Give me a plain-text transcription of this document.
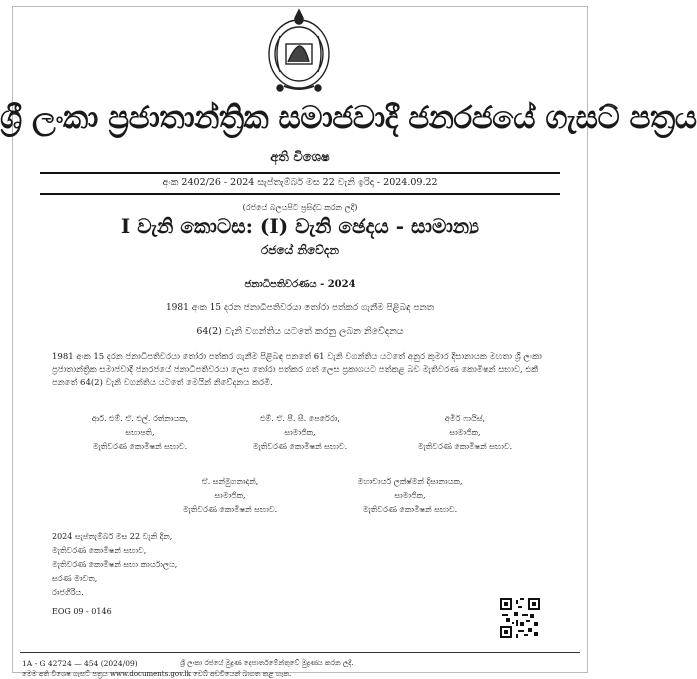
ශ්‍රී ලංකා ප්‍රජාතාන්ත්‍රික සමාජවාදී ජනරජයේ ගැසට් පත්‍රය
අති විශෙෂ
අංක 2402/26 - 2024 සැප්තැම්බර් මස 22 වැනි ඉරිදා - 2024.09.22
(රජයේ බලයපිට ප්‍රසිද්ධ කරන ලදී)
I වැනි කොටස: (I) වැනි ඡෙදය - සාමාන්‍ය
රජයේ නිවේදන
ජනාධිපතිවරණය - 2024
1981 අංක 15 දරන ජනාධිපතිවරයා තෝරා පත්කර ගැනීම පිළිබඳ පනත
64(2) වැනි වගන්තිය යටතේ කරනු ලබන නිවේදනය
1981 අංක 15 දරන ජනාධිපතිවරයා තෝරා පත්කර ගැනීම පිළිබඳ පනතේ 61 වැනි වගන්තිය යටතේ අනුර කුමාර දිසානායක මහතා ශ්‍රී ලංකා ප්‍රජාතාන්ත්‍රික සමාජවාදී ජනරජයේ ජනාධිපතිවරයා ලෙස තෝරා පත්කර ගත් ලෙස ප්‍රකාශයට පත්කළ බව මැතිවරණ කොමිෂන් සභාව, එකී පනතේ 64(2) වැනි වගන්තිය යටතේ මෙයින් නිවේදනය කරමි.
ආර්. එම්. ඒ. එල්. රත්නායක,
සභාපති,
මැතිවරණ කොමිෂන් සභාව.
එම්. ඒ. පී. සී. පෙරේරා,
සාමාජික,
මැතිවරණ කොමිෂන් සභාව.
අමීර් ෆායිස්,
සාමාජික,
මැතිවරණ කොමිෂන් සභාව.
ඒ. සන්මුගනාදන්,
සාමාජික,
මැතිවරණ කොමිෂන් සභාව.
මහාචාර්ය ලක්ෂ්මන් දිසානායක,
සාමාජික,
මැතිවරණ කොමිෂන් සභාව.
2024 සැප්තැම්බර් මස 22 වැනි දින,
මැතිවරණ කොමිෂන් සභාව,
මැතිවරණ කොමිෂන් සභා කාර්යාලය,
සරණ මාවත,
රාජගිරිය.
EOG 09 - 0146
1A - G 42724 — 454 (2024/09)	ශ්‍රී ලංකා රජයේ මුද්‍රණ දෙපාර්තමේන්තුවේ මුද්‍රණය කරන ලදී.
මෙම අති විශෙෂ ගැසට් පත්‍රය www.documents.gov.lk වෙබ් අඩවියෙන් බාගත කළ හැක.
